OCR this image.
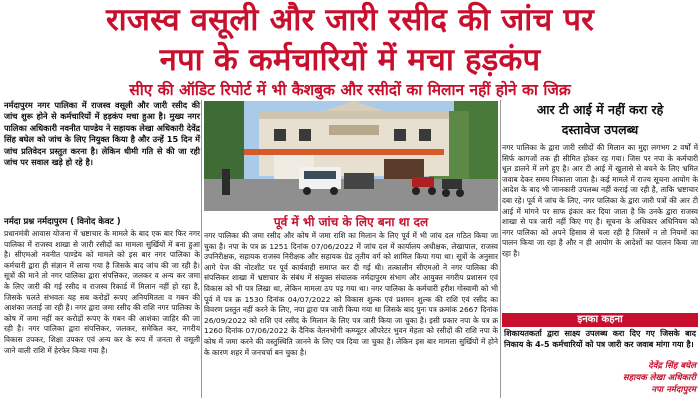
राजस्व वसूली और जारी रसीद की जांच पर
नपा के कर्मचारियों में मचा हड़कंप
सीए की ऑडिट रिपोर्ट में भी कैशबुक और रसीदों का मिलान नहीं होने का जिक्र
नर्मदापुरम नगर पालिका में राजस्व वसूली और जारी रसीद की जांच शुरू होने से कर्मचारियों में हड़कंप मचा हुआ है। मुख्य नगर पालिका अधिकारी नवनीत पाण्डेय ने सहायक लेखा अधिकारी देवेंद्र सिंह बघेल को जांच के लिए नियुक्त किया है और उन्हें 15 दिन में जांच प्रतिवेदन प्रस्तुत करना है। लेकिन धीमी गति से की जा रही जांच पर सवाल खड़े हो रहे है।
आर टी आई में नहीं करा रहे
दस्तावेज उपलब्ध
नर्मदा प्रश्न नर्मदापुरम ( विनोद केवट )
प्रधानमंत्री आवास योजना में भ्रष्टाचार के मामले के बाद एक बार फिर नगर पालिका में राजस्व शाखा से जारी रसीदों का मामला सुर्खियों में बना हुआ है। सीएमओ नवनीत पाण्डेय को मामले को इस बार नगर पालिका के कर्मचारी द्वारा ही संज्ञान में लाया गया है जिसके बाद जांच की जा रही है। सूत्रों की माने तो नगर पालिका द्वारा संपत्तिकर, जलकर व अन्य कर जमा के लिए जारी की गई रसीद व राजस्व रिकार्ड में मिलान नहीं हो रहा है, जिसके चलते संभवतः यह सब करोड़ों रूपए अनियमितता व गबन की आशंका जताई जा रही है। नगर द्वारा जमा रसीद की राशि नगर पालिका के कोष में जमा नहीं कर करोड़ों रूपए के गबन की आशंका जाहिर की जा रही है। नगर पालिका द्वारा संपत्तिकर, जलकर, समेकित कर, नगरीय विकास उपकर, शिक्षा उपकर एवं अन्य कर के रूप में जनता से वसूली जाने वाली राशि में हेरफेर किया गया है।
पूर्व में भी जांच के लिए बना था दल
नगर पालिका की जमा रसीद और कोष में जमा राशि का मिलान के लिए पूर्व में भी जांच दल गठित किया जा चुका है। नपा के पत्र क्र 1251 दिनांक 07/06/2022 में जांच दल में कार्यालय अधीक्षक, लेखापाल, राजस्व उपनिरीक्षक, सहायक राजस्व निरीक्षक और सहायक ग्रेड तृतीय वर्ग को शामिल किया गया था। सूत्रों के अनुसार आगे पेज की नोटशीट पर पूर्व कार्यवाही समाप्त कर दी गई थी। तत्कालीन सीएमओ ने नगर पालिका की संपत्तिकर शाखा में भ्रष्टाचार के संबंध में संयुक्त संचालक नर्मदापुरम संभाग और आयुक्त नगरीय प्रशासन एवं विकास को भी पत्र लिखा था, लेकिन मामला ठप पड़ गया था। नगर पालिका के कर्मचारी हरीश गोस्वामी को भी पूर्व में पत्र क्र 1530 दिनांक 04/07/2022 को विकास शुल्क एवं प्रशमन शुल्क की राशि एवं रसीद का विवरण प्रस्तुत नहीं करने के लिए, नपा द्वारा पत्र जारी किया गया था जिसके बाद पुनः पत्र क्रमांक 2667 दिनांक 26/09/2022 को राशि एवं रसीद के मिलान के लिए पत्र जारी किया जा चुका है। इसी प्रकार नपा के पत्र क्र 1260 दिनांक 07/06/2022 के दैनिक वेतनभोगी कम्प्यूटर ऑपरेटर भुवन मेहता को रसीदों की राशि नपा के कोष में जमा करने की वस्तुस्थिति जानने के लिए पत्र दिया जा चुका है। लेकिन इस बार मामला सुर्खियों में होने के कारण शहर में जनचर्चा बन चुका है।
नगर पालिका के द्वारा जारी रसीदों की मिलान का मुद्दा लगभग 2 वर्षों में सिर्फ कागजों तक ही सीमित होकर रह गया। जिस पर नपा के कर्मचारी धूल डालने में लगे हुए है। आर टी आई में खुलासे से बचने के लिए भ्रमित जवाब देकर समय निकाला जाता है। कई मामले में राज्य सूचना आयोग के आदेश के बाद भी जानकारी उपलब्ध नहीं कराई जा रही है, ताकि भ्रष्टाचार दबा रहे। पूर्व में जांच के लिए, नगर पालिका के द्वारा जारी पत्रों की आर टी आई में मांगने पर साफ इंकार कर दिया जाता है कि उनके द्वारा राजस्व शाखा से पत्र जारी नहीं किए गए है। सूचना के अधिकार अधिनियम को नगर पालिका को अपने हिसाब से चला रही है जिसमें न तो नियमों का पालन किया जा रहा है और न ही आयोग के आदेशों का पालन किया जा रहा है।
इनका कहना
शिकायतकर्ता द्वारा साक्ष्य उपलब्ध करा दिए गए जिसके बाद निकाय के 4-5 कर्मचारियों को पत्र जारी कर जवाब मांगा गया है।
देवेंद्र सिंह बघेल
सहायक लेखा अधिकारी
नपा नर्मदापुरम
